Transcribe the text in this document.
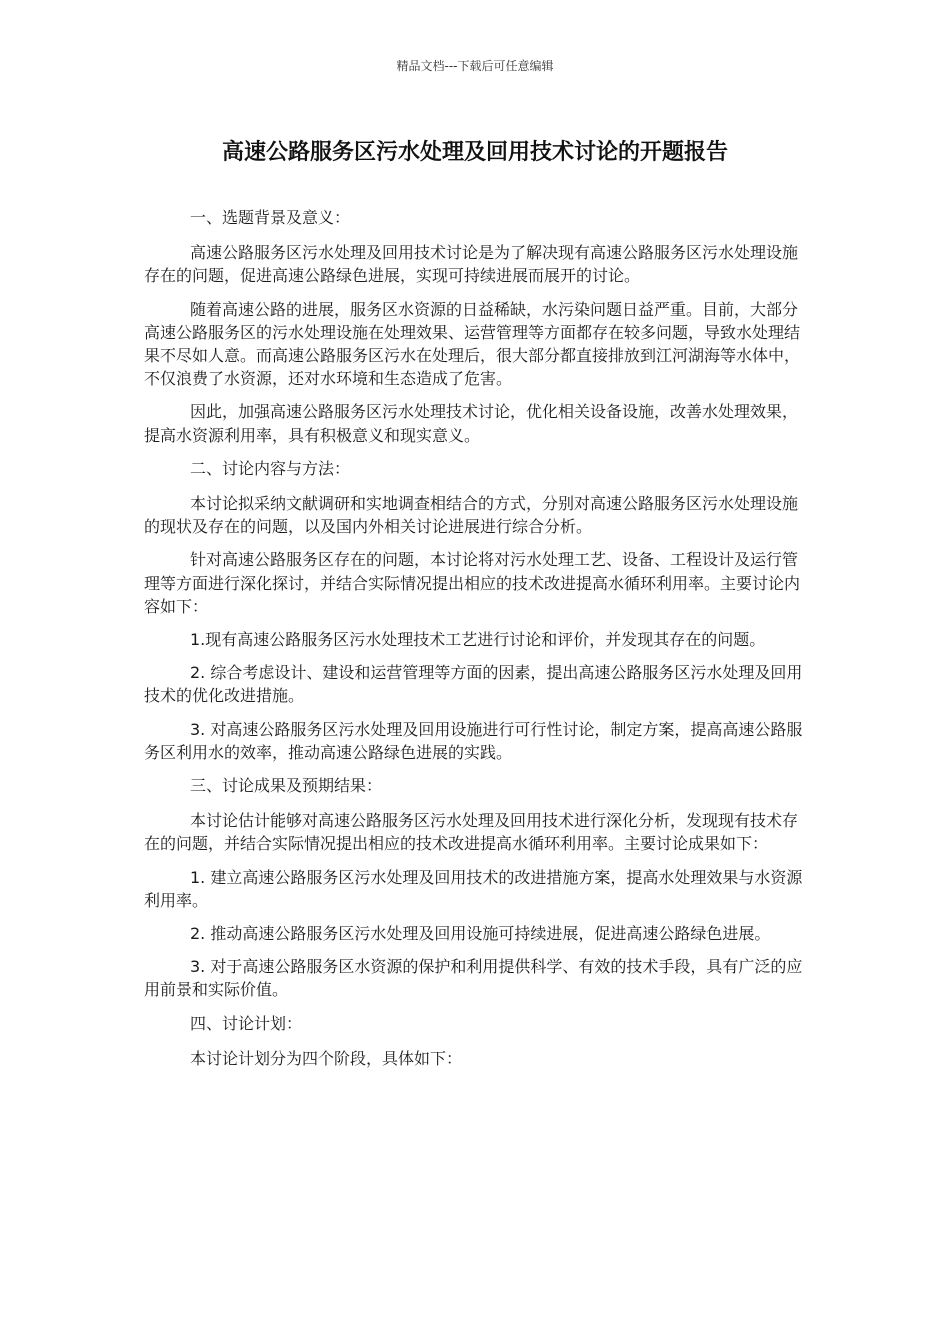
精品文档---下载后可任意编辑
高速公路服务区污水处理及回用技术讨论的开题报告

一、选题背景及意义：

高速公路服务区污水处理及回用技术讨论是为了解决现有高速公路服务区污水处理设施存在的问题，促进高速公路绿色进展，实现可持续进展而展开的讨论。

随着高速公路的进展，服务区水资源的日益稀缺，水污染问题日益严重。目前，大部分高速公路服务区的污水处理设施在处理效果、运营管理等方面都存在较多问题，导致水处理结果不尽如人意。而高速公路服务区污水在处理后，很大部分都直接排放到江河湖海等水体中，不仅浪费了水资源，还对水环境和生态造成了危害。

因此，加强高速公路服务区污水处理技术讨论，优化相关设备设施，改善水处理效果，提高水资源利用率，具有积极意义和现实意义。

二、讨论内容与方法：

本讨论拟采纳文献调研和实地调查相结合的方式，分别对高速公路服务区污水处理设施的现状及存在的问题，以及国内外相关讨论进展进行综合分析。

针对高速公路服务区存在的问题，本讨论将对污水处理工艺、设备、工程设计及运行管理等方面进行深化探讨，并结合实际情况提出相应的技术改进提高水循环利用率。主要讨论内容如下：

1.现有高速公路服务区污水处理技术工艺进行讨论和评价，并发现其存在的问题。

2. 综合考虑设计、建设和运营管理等方面的因素，提出高速公路服务区污水处理及回用技术的优化改进措施。

3. 对高速公路服务区污水处理及回用设施进行可行性讨论，制定方案，提高高速公路服务区利用水的效率，推动高速公路绿色进展的实践。

三、讨论成果及预期结果：

本讨论估计能够对高速公路服务区污水处理及回用技术进行深化分析，发现现有技术存在的问题，并结合实际情况提出相应的技术改进提高水循环利用率。主要讨论成果如下：

1. 建立高速公路服务区污水处理及回用技术的改进措施方案，提高水处理效果与水资源利用率。

2. 推动高速公路服务区污水处理及回用设施可持续进展，促进高速公路绿色进展。

3. 对于高速公路服务区水资源的保护和利用提供科学、有效的技术手段，具有广泛的应用前景和实际价值。

四、讨论计划：

本讨论计划分为四个阶段，具体如下：
